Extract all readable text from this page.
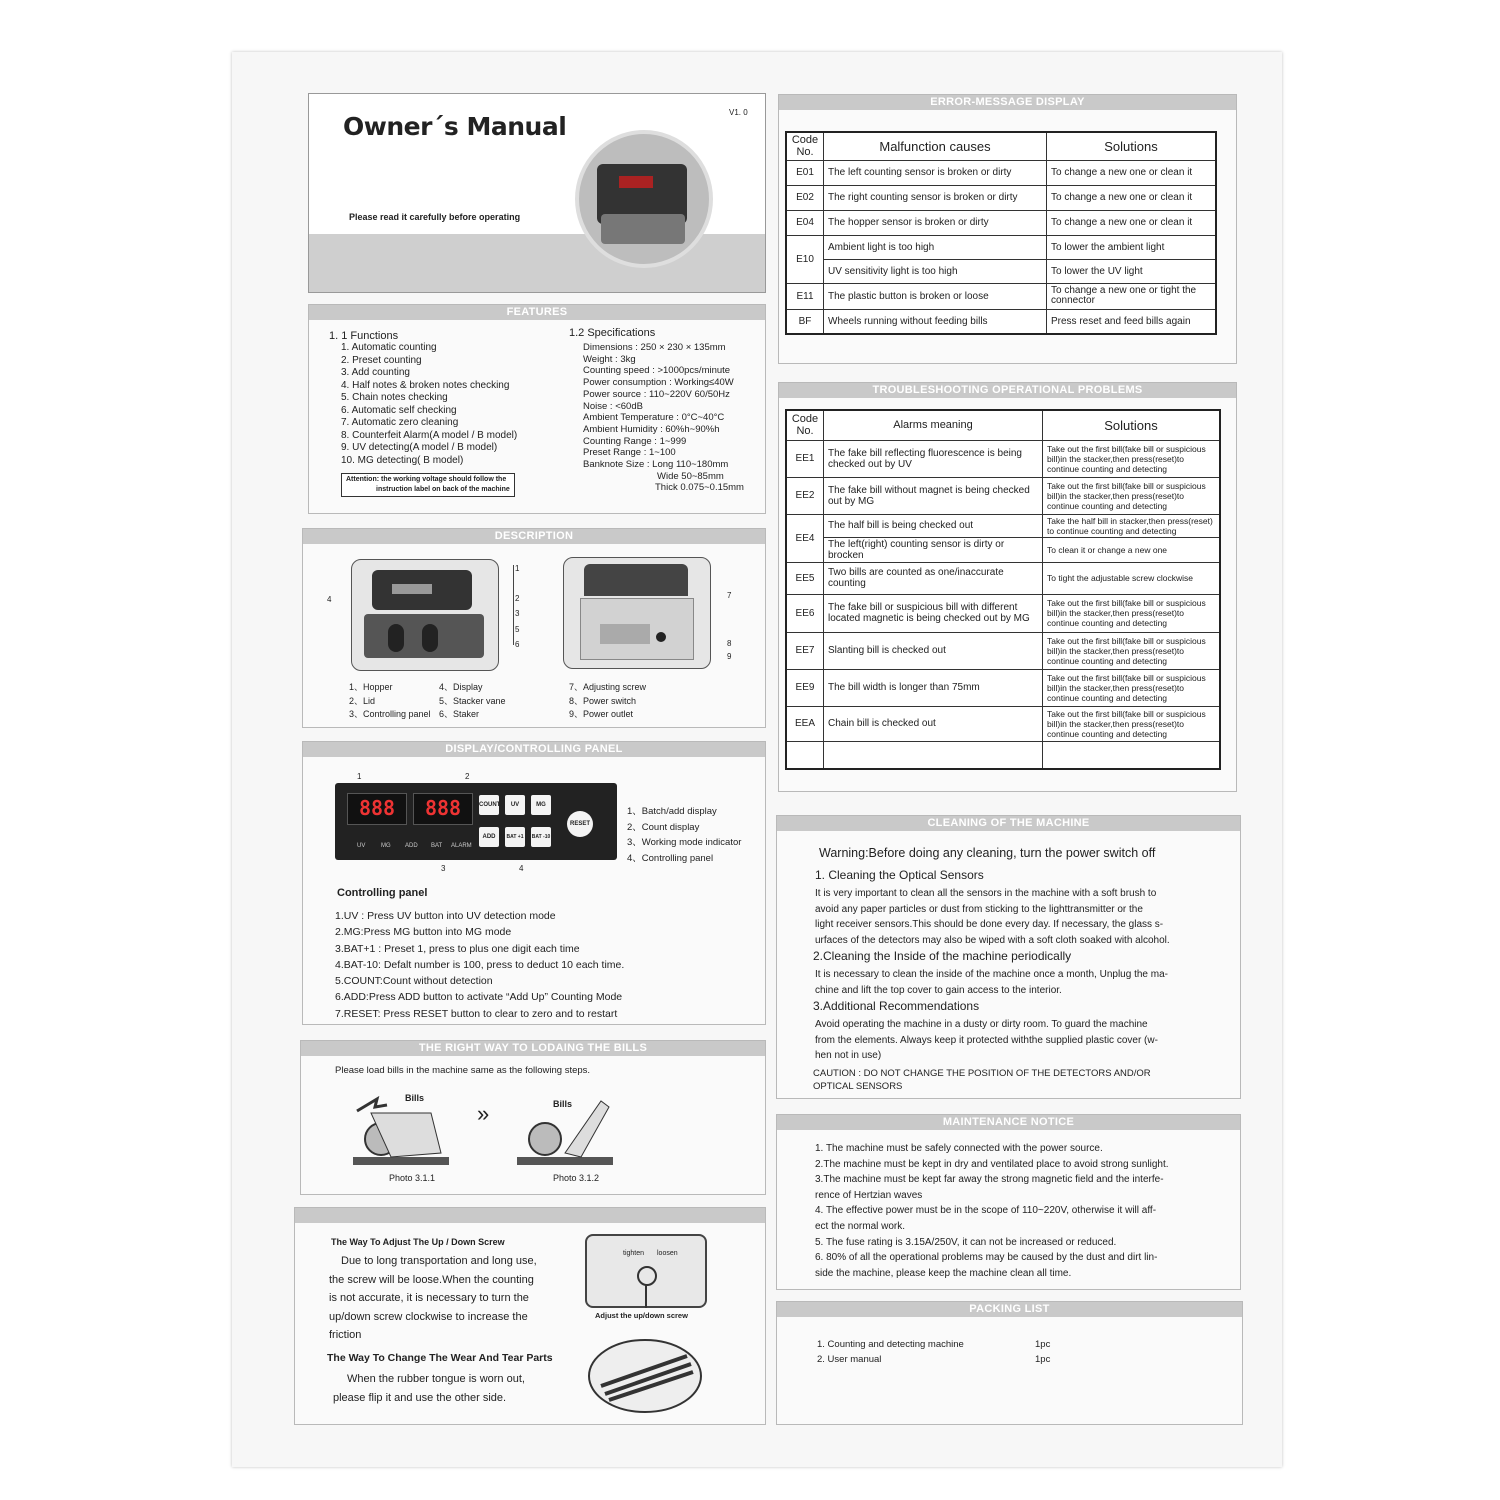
Owner´s Manual	V1. 0
Please read it carefully before operating
FEATURES
1. 1 Functions
1. Automatic counting
2. Preset counting
3. Add counting
4. Half notes & broken notes checking
5. Chain notes checking
6. Automatic self checking
7. Automatic zero cleaning
8. Counterfeit Alarm(A model / B model)
9. UV detecting(A model / B model)
10. MG detecting( B model)
Attention: the working voltage should follow the
instruction label on back of the machine
1.2 Specifications
Dimensions : 250 × 230 × 135mm
Weight : 3kg
Counting speed : >1000pcs/minute
Power consumption : Working≤40W
Power source : 110~220V 60/50Hz
Noise : <60dB
Ambient Temperature : 0°C~40°C
Ambient Humidity : 60%h~90%h
Counting Range : 1~999
Preset Range : 1~100
Banknote Size : Long 110~180mm
Wide 50~85mm
Thick 0.075~0.15mm
DESCRIPTION
1
2
3
5
6
4	7
8
9
1、Hopper
2、Lid
3、Controlling panel
4、Display
5、Stacker vane
6、Staker
7、Adjusting screw
8、Power switch
9、Power outlet
DISPLAY/CONTROLLING PANEL
1	2
888	888	COUNT	UV	MG
ADD	BAT +1	BAT -10
RESET
UV	MG ADD BAT ALARM
3	4
1、Batch/add display
2、Count display
3、Working mode indicator
4、Controlling panel
Controlling panel
1.UV : Press UV button into UV detection mode
2.MG:Press MG button into MG mode
3.BAT+1 : Preset 1, press to plus one digit each time
4.BAT-10: Defalt number is 100, press to deduct 10 each time.
5.COUNT:Count without detection
6.ADD:Press ADD button to activate “Add Up” Counting Mode
7.RESET: Press RESET button to clear to zero and to restart
THE RIGHT WAY TO LODAING THE BILLS
Please load bills in the machine same as the following steps.
Bills
»	Bills
Photo 3.1.1	Photo 3.1.2
The Way To Adjust The Up / Down Screw
Due to long transportation and long use,
the screw will be loose.When the counting
is not accurate, it is necessary to turn the
up/down screw clockwise to increase the
friction
tighten loosen
Adjust the up/down screw
The Way To Change The Wear And Tear Parts
When the rubber tongue is worn out,
please flip it and use the other side.
ERROR-MESSAGE DISPLAY
Code No.	Malfunction causes	Solutions
E01	The left counting sensor is broken or dirty	To change a new one or clean it
E02	The right counting sensor is broken or dirty	To change a new one or clean it
E04	The hopper sensor is broken or dirty	To change a new one or clean it
E10	Ambient light is too high	To lower the ambient light
	UV sensitivity light is too high	To lower the UV light
E11	The plastic button is broken or loose	To change a new one or tight the connector
BF	Wheels running without feeding bills	Press reset and feed bills again
TROUBLESHOOTING OPERATIONAL PROBLEMS
Code No.	Alarms meaning	Solutions
EE1	The fake bill reflecting fluorescence is being checked out by UV	Take out the first bill(fake bill or suspicious bill)in the stacker,then press(reset)to continue counting and detecting
EE2	The fake bill without magnet is being checked out by MG	Take out the first bill(fake bill or suspicious bill)in the stacker,then press(reset)to continue counting and detecting
EE4	The half bill is being checked out	Take the half bill in stacker,then press(reset) to continue counting and detecting
	The left(right) counting sensor is dirty or brocken	To clean it or change a new one
EE5	Two bills are counted as one/inaccurate counting	To tight the adjustable screw clockwise
EE6	The fake bill or suspicious bill with different located magnetic is being checked out by MG	Take out the first bill(fake bill or suspicious bill)in the stacker,then press(reset)to continue counting and detecting
EE7	Slanting bill is checked out	Take out the first bill(fake bill or suspicious bill)in the stacker,then press(reset)to continue counting and detecting
EE9	The bill width is longer than 75mm	Take out the first bill(fake bill or suspicious bill)in the stacker,then press(reset)to continue counting and detecting
EEA	Chain bill is checked out	Take out the first bill(fake bill or suspicious bill)in the stacker,then press(reset)to continue counting and detecting

CLEANING OF THE MACHINE
Warning:Before doing any cleaning, turn the power switch off
1. Cleaning the Optical Sensors
It is very important to clean all the sensors in the machine with a soft brush to
avoid any paper particles or dust from sticking to the lighttransmitter or the
light receiver sensors.This should be done every day. If necessary, the glass s-
urfaces of the detectors may also be wiped with a soft cloth soaked with alcohol.
2.Cleaning the Inside of the machine periodically
It is necessary to clean the inside of the machine once a month, Unplug the ma-
chine and lift the top cover to gain access to the interior.
3.Additional Recommendations
Avoid operating the machine in a dusty or dirty room. To guard the machine
from the elements. Always keep it protected withthe supplied plastic cover (w-
hen not in use)
CAUTION : DO NOT CHANGE THE POSITION OF THE DETECTORS AND/OR
OPTICAL SENSORS
MAINTENANCE NOTICE
1. The machine must be safely connected with the power source.
2.The machine must be kept in dry and ventilated place to avoid strong sunlight.
3.The machine must be kept far away the strong magnetic field and the interfe-
rence of Hertzian waves
4. The effective power must be in the scope of 110~220V, otherwise it will aff-
ect the normal work.
5. The fuse rating is 3.15A/250V, it can not be increased or reduced.
6. 80% of all the operational problems may be caused by the dust and dirt lin-
side the machine, please keep the machine clean all time.
PACKING LIST
1. Counting and detecting machine	1pc
2. User manual	1pc
